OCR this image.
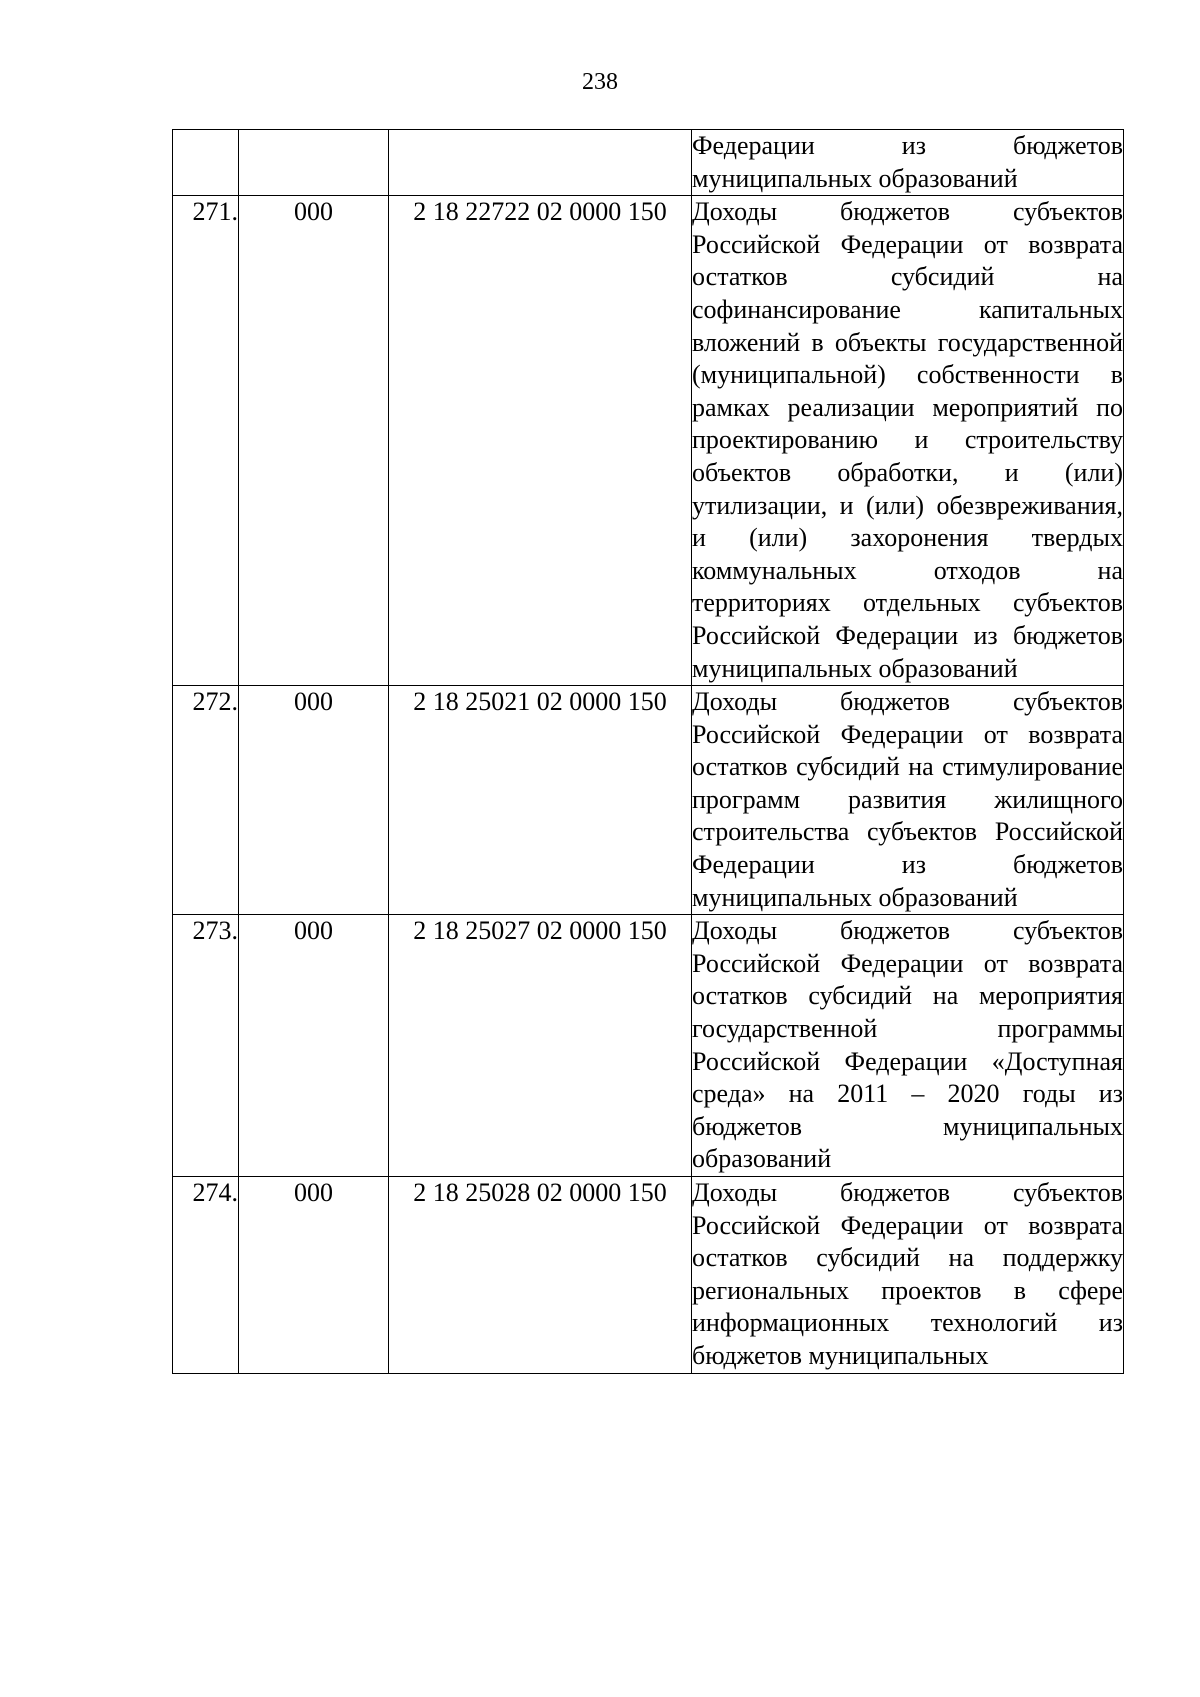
238
			Федерации из бюджетов муниципальных образований
271.	000	2 18 22722 02 0000 150	Доходы бюджетов субъектов Российской Федерации от возврата остатков субсидий на софинансирование капитальных вложений в объекты государственной (муниципальной) собственности в рамках реализации мероприятий по проектированию и строительству объектов обработки, и (или) утилизации, и (или) обезвреживания, и (или) захоронения твердых коммунальных отходов на территориях отдельных субъектов Российской Федерации из бюджетов муниципальных образований
272.	000	2 18 25021 02 0000 150	Доходы бюджетов субъектов Российской Федерации от возврата остатков субсидий на стимулирование программ развития жилищного строительства субъектов Российской Федерации из бюджетов муниципальных образований
273.	000	2 18 25027 02 0000 150	Доходы бюджетов субъектов Российской Федерации от возврата остатков субсидий на мероприятия государственной программы Российской Федерации «Доступная среда» на 2011 – 2020 годы из бюджетов муниципальных образований
274.	000	2 18 25028 02 0000 150	Доходы бюджетов субъектов Российской Федерации от возврата остатков субсидий на поддержку региональных проектов в сфере информационных технологий из бюджетов муниципальных
